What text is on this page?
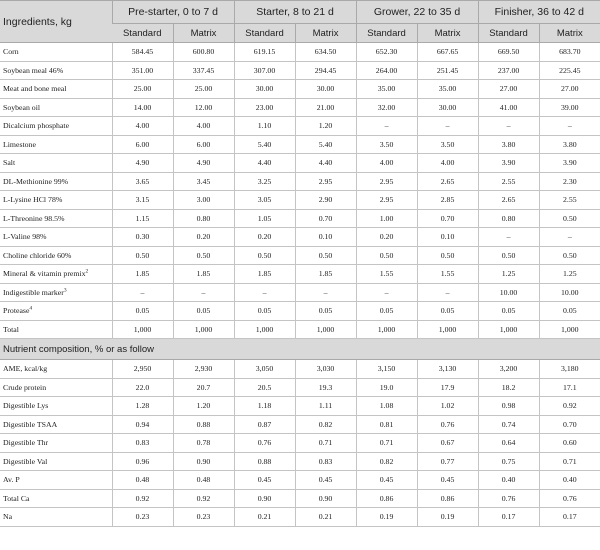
Ingredients, kg	Pre-starter, 0 to 7 d		Starter, 8 to 21 d		Grower, 22 to 35 d		Finisher, 36 to 42 d	
	Standard	Matrix	Standard	Matrix	Standard	Matrix	Standard	Matrix
Corn	584.45	600.80	619.15	634.50	652.30	667.65	669.50	683.70
Soybean meal 46%	351.00	337.45	307.00	294.45	264.00	251.45	237.00	225.45
Meat and bone meal	25.00	25.00	30.00	30.00	35.00	35.00	27.00	27.00
Soybean oil	14.00	12.00	23.00	21.00	32.00	30.00	41.00	39.00
Dicalcium phosphate	4.00	4.00	1.10	1.20	–	–	–	–
Limestone	6.00	6.00	5.40	5.40	3.50	3.50	3.80	3.80
Salt	4.90	4.90	4.40	4.40	4.00	4.00	3.90	3.90
DL-Methionine 99%	3.65	3.45	3.25	2.95	2.95	2.65	2.55	2.30
L-Lysine HCl 78%	3.15	3.00	3.05	2.90	2.95	2.85	2.65	2.55
L-Threonine 98.5%	1.15	0.80	1.05	0.70	1.00	0.70	0.80	0.50
L-Valine 98%	0.30	0.20	0.20	0.10	0.20	0.10	–	–
Choline chloride 60%	0.50	0.50	0.50	0.50	0.50	0.50	0.50	0.50
Mineral & vitamin premix$^2$	1.85	1.85	1.85	1.85	1.55	1.55	1.25	1.25
Indigestible marker$^3$	–	–	–	–	–	–	10.00	10.00
Protease$^4$	0.05	0.05	0.05	0.05	0.05	0.05	0.05	0.05
Total	1,000	1,000	1,000	1,000	1,000	1,000	1,000	1,000
Nutrient composition, % or as follow								
AME, kcal/kg	2,950	2,930	3,050	3,030	3,150	3,130	3,200	3,180
Crude protein	22.0	20.7	20.5	19.3	19.0	17.9	18.2	17.1
Digestible Lys	1.28	1.20	1.18	1.11	1.08	1.02	0.98	0.92
Digestible TSAA	0.94	0.88	0.87	0.82	0.81	0.76	0.74	0.70
Digestible Thr	0.83	0.78	0.76	0.71	0.71	0.67	0.64	0.60
Digestible Val	0.96	0.90	0.88	0.83	0.82	0.77	0.75	0.71
Av. P	0.48	0.48	0.45	0.45	0.45	0.45	0.40	0.40
Total Ca	0.92	0.92	0.90	0.90	0.86	0.86	0.76	0.76
Na	0.23	0.23	0.21	0.21	0.19	0.19	0.17	0.17
